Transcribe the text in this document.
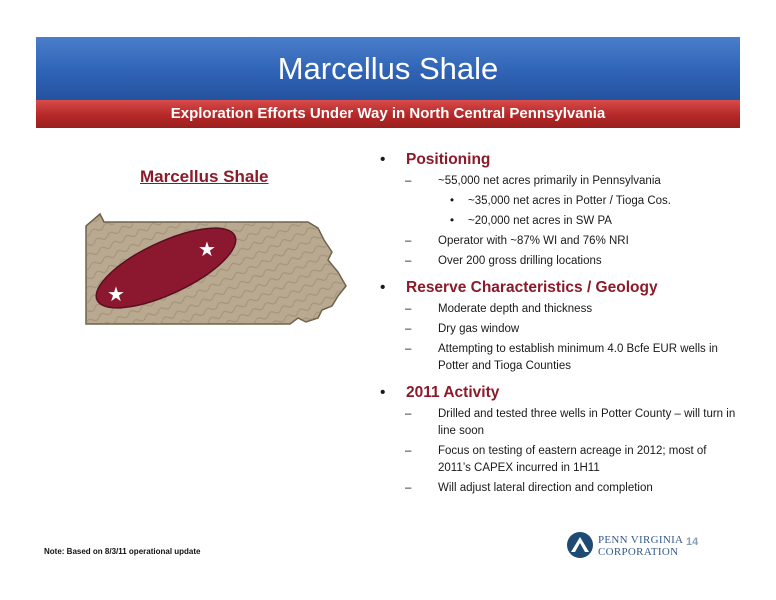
Marcellus Shale
Exploration Efforts Under Way in North Central Pennsylvania
Marcellus Shale
★
★
• Positioning
– ~55,000 net acres primarily in Pennsylvania
• ~35,000 net acres in Potter / Tioga Cos.
• ~20,000 net acres in SW PA
– Operator with ~87% WI and 76% NRI
– Over 200 gross drilling locations
• Reserve Characteristics / Geology
– Moderate depth and thickness
– Dry gas window
– Attempting to establish minimum 4.0 Bcfe EUR wells in Potter and Tioga Counties
• 2011 Activity
– Drilled and tested three wells in Potter County – will turn in line soon
– Focus on testing of eastern acreage in 2012; most of 2011’s CAPEX incurred in 1H11
– Will adjust lateral direction and completion
Note: Based on 8/3/11 operational update
PENN VIRGINIA
CORPORATION
14
